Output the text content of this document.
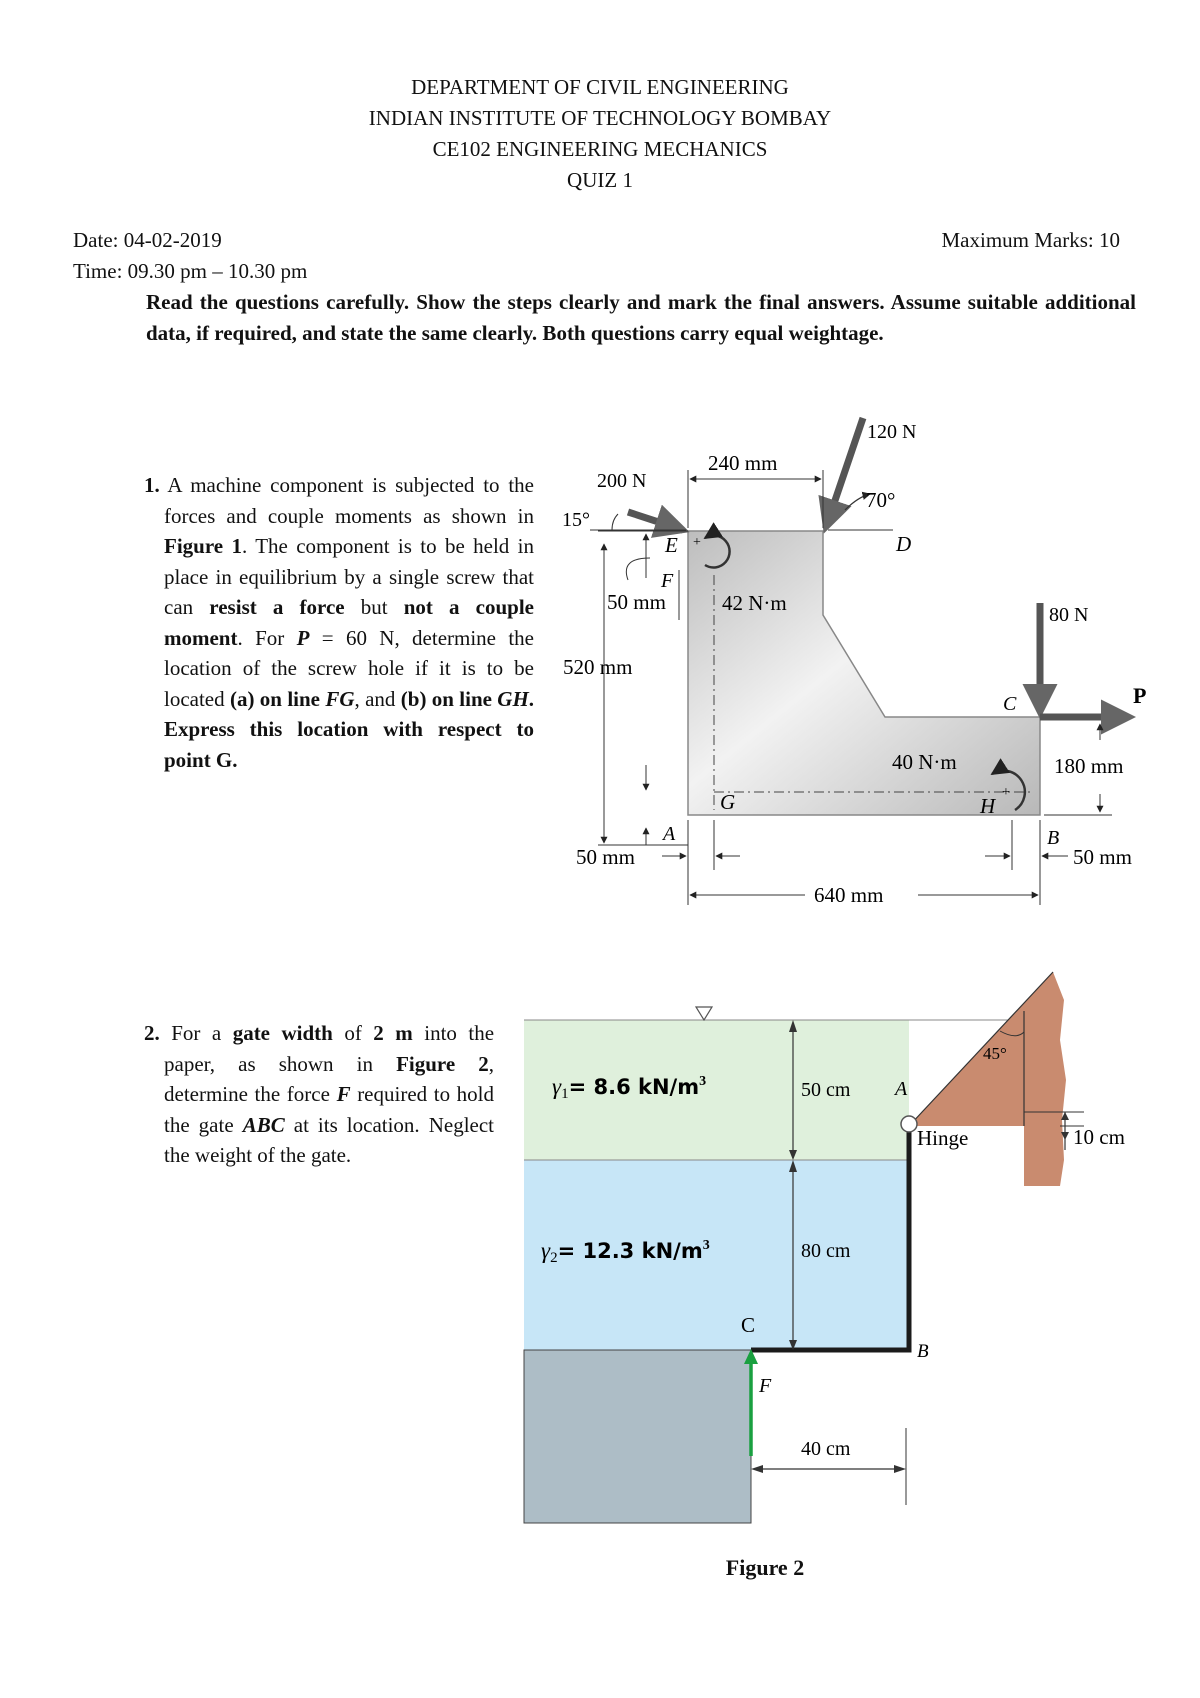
DEPARTMENT OF CIVIL ENGINEERING
INDIAN INSTITUTE OF TECHNOLOGY BOMBAY
CE102 ENGINEERING MECHANICS
QUIZ 1
Date: 04-02-2019
Time: 09.30 pm – 10.30 pm
Maximum Marks: 10
Read the questions carefully. Show the steps clearly and mark the final answers. Assume suitable additional data, if required, and state the same clearly. Both questions carry equal weightage.
1. A machine component is subjected to the forces and couple moments as shown in Figure 1. The component is to be held in place in equilibrium by a single screw that can resist a force but not a couple moment. For P = 60 N, determine the location of the screw hole if it is to be located (a) on line FG, and (b) on line GH. Express this location with respect to point G.
2. For a gate width of 2 m into the paper, as shown in Figure 2, determine the force F required to hold the gate ABC at its location. Neglect the weight of the gate.
120 N
70°
240 mm
200 N
15°
520 mm
E
50 mm
F
D
+
42 N·m	80 N
C	P
180 mm
+
40 N·m
G	H
A
50 mm
B
50 mm
640 mm
45°
A
Hinge
B
C
F
γ1= 8.6 $kN/m^3$
γ2= 12.3 $kN/m^3$
50 cm
80 cm
40 cm
10 cm
Figure 2
